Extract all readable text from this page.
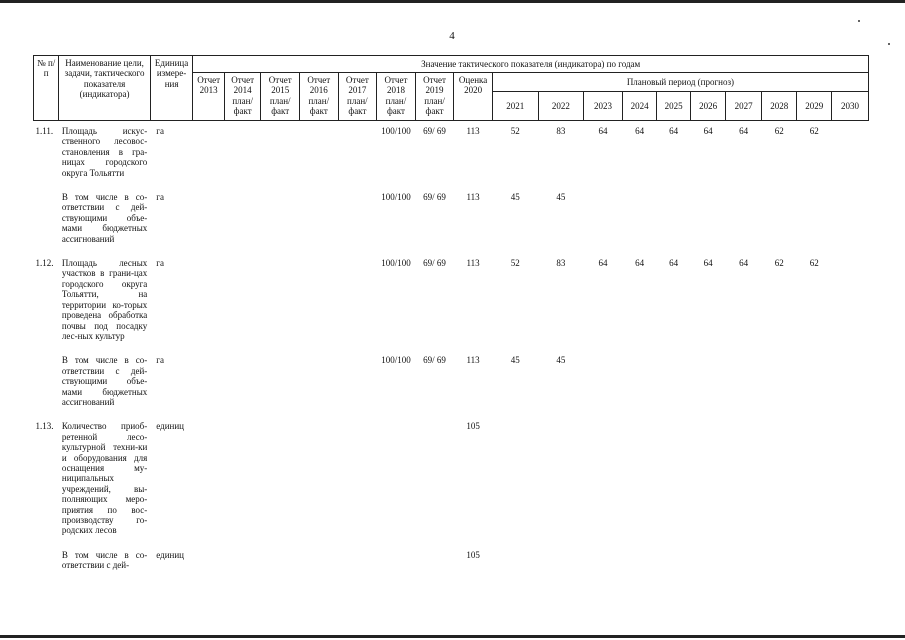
4
№ п/п	Наименование цели, задачи, тактического показателя (индикатора)	Единица измере-ния	Значение тактического показателя (индикатора) по годам																	
			Отчет 2013	Отчет 2014 план/ факт	Отчет 2015 план/ факт	Отчет 2016 план/ факт	Отчет 2017 план/ факт	Отчет 2018 план/ факт	Отчет 2019 план/ факт	Оценка 2020	Плановый период (прогноз)									
											2021	2022	2023	2024	2025	2026	2027	2028	2029	2030
1.11.	Площадь искус-ственного лесовос-становления в гра-ницах городского округа Тольятти	га						100/100	69/ 69	113	52	83	64	64	64	64	64	62	62	
	В том числе в со-ответствии с дей-ствующими объе-мами бюджетных ассигнований	га						100/100	69/ 69	113	45	45								
1.12.	Площадь лесных участков в грани-цах городского округа Тольятти, на территории ко-торых проведена обработка почвы под посадку лес-ных культур	га						100/100	69/ 69	113	52	83	64	64	64	64	64	62	62	
	В том числе в со-ответствии с дей-ствующими объе-мами бюджетных ассигнований	га						100/100	69/ 69	113	45	45								
1.13.	Количество приоб-ретенной лесо-культурной техни-ки и оборудования для оснащения му-ниципальных учреждений, вы-полняющих меро-приятия по вос-производству го-родских лесов	единиц								105										
	В том числе в со-ответствии с дей-	единиц								105										
